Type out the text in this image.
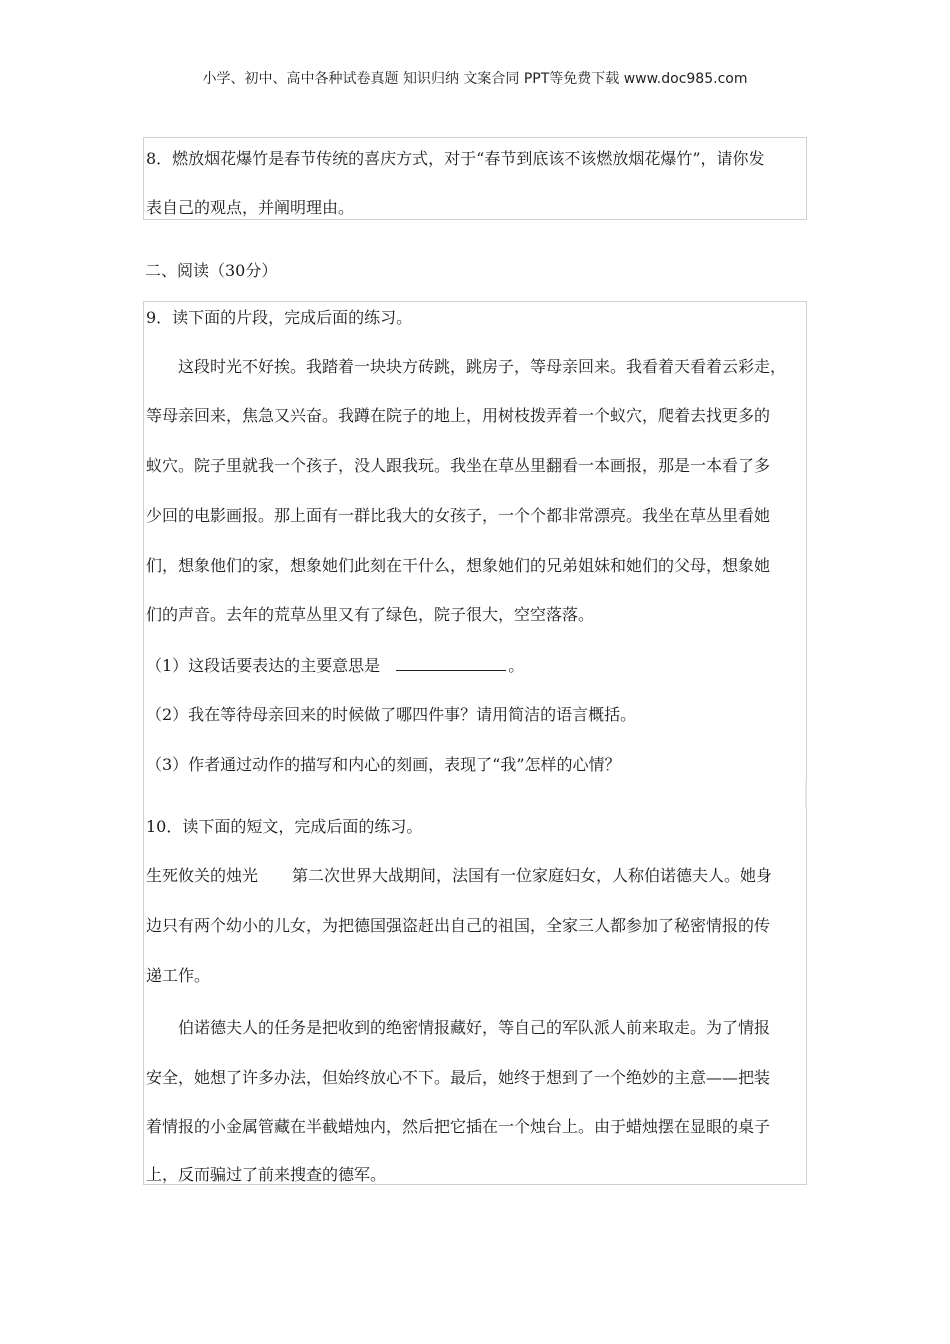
小学、初中、高中各种试卷真题 知识归纳 文案合同 PPT等免费下载 www.doc985.com
8．燃放烟花爆竹是春节传统的喜庆方式，对于“春节到底该不该燃放烟花爆竹”，请你发
表自己的观点，并阐明理由。
二、阅读（30分）
9．读下面的片段，完成后面的练习。
这段时光不好挨。我踏着一块块方砖跳，跳房子，等母亲回来。我看着天看着云彩走，
等母亲回来，焦急又兴奋。我蹲在院子的地上，用树枝拨弄着一个蚁穴，爬着去找更多的
蚁穴。院子里就我一个孩子，没人跟我玩。我坐在草丛里翻看一本画报，那是一本看了多
少回的电影画报。那上面有一群比我大的女孩子，一个个都非常漂亮。我坐在草丛里看她
们，想象他们的家，想象她们此刻在干什么，想象她们的兄弟姐妹和她们的父母，想象她
们的声音。去年的荒草丛里又有了绿色，院子很大，空空落落。
（1）这段话要表达的主要意思是	。
（2）我在等待母亲回来的时候做了哪四件事？请用简洁的语言概括。
（3）作者通过动作的描写和内心的刻画，表现了“我”怎样的心情？
10．读下面的短文，完成后面的练习。
生死攸关的烛光 第二次世界大战期间，法国有一位家庭妇女，人称伯诺德夫人。她身
边只有两个幼小的儿女，为把德国强盗赶出自己的祖国，全家三人都参加了秘密情报的传
递工作。
伯诺德夫人的任务是把收到的绝密情报藏好，等自己的军队派人前来取走。为了情报
安全，她想了许多办法，但始终放心不下。最后，她终于想到了一个绝妙的主意——把装
着情报的小金属管藏在半截蜡烛内，然后把它插在一个烛台上。由于蜡烛摆在显眼的桌子
上，反而骗过了前来搜查的德军。
